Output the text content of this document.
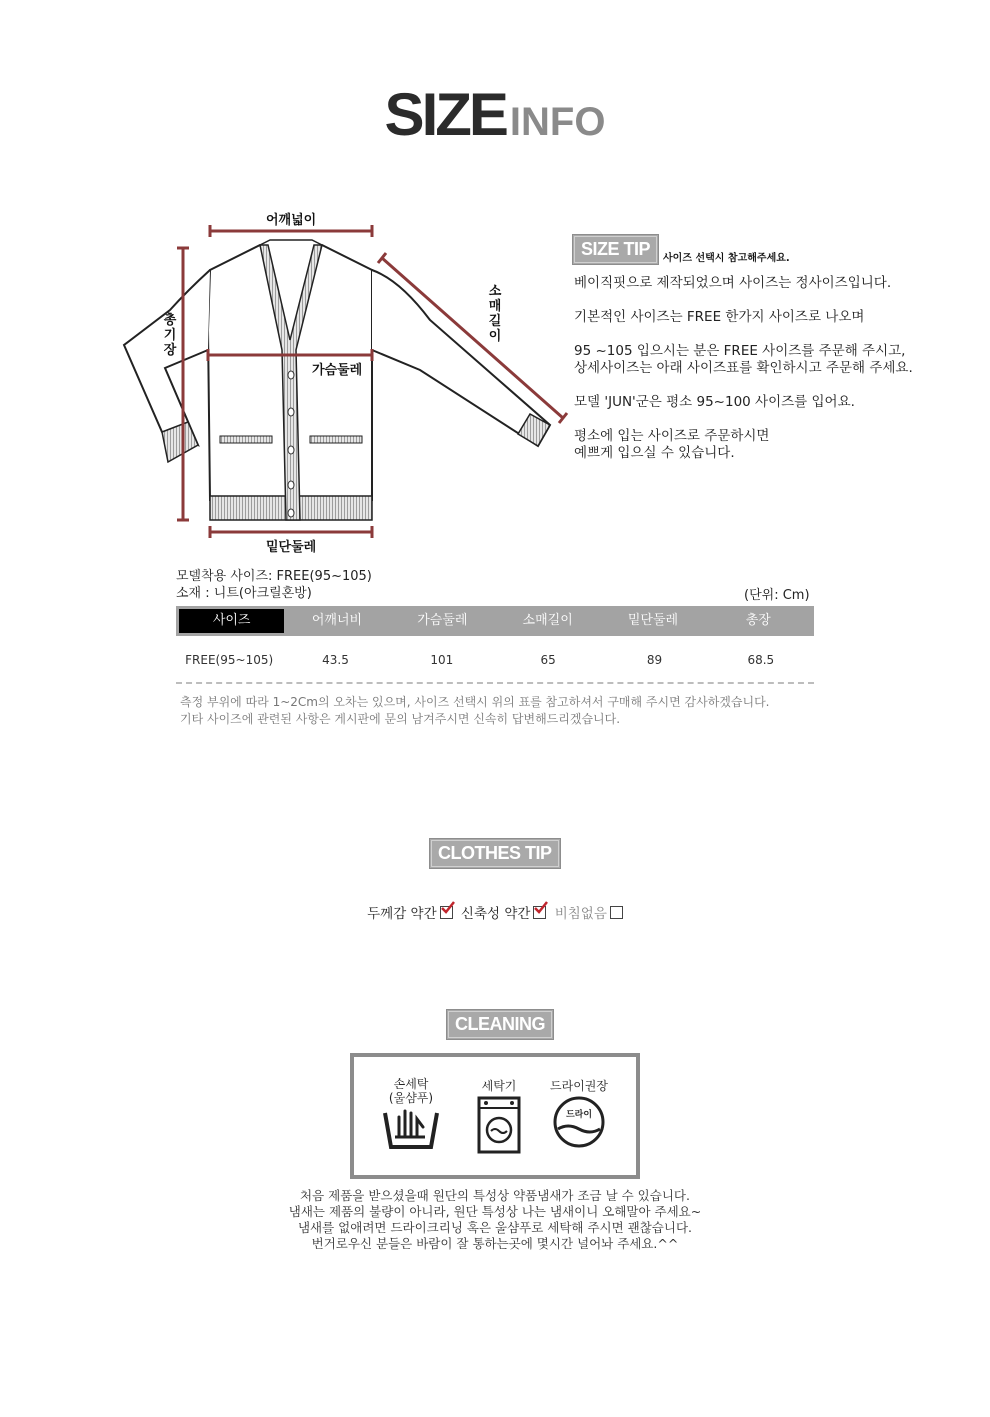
SIZE INFO
어깨넓이
가슴둘레
밑단둘레
총기장
소매길이
SIZE TIP	사이즈 선택시 참고해주세요.

베이직핏으로 제작되었으며 사이즈는 정사이즈입니다.

기본적인 사이즈는 FREE 한가지 사이즈로 나오며

95 ~105 입으시는 분은 FREE 사이즈를 주문해 주시고,
상세사이즈는 아래 사이즈표를 확인하시고 주문해 주세요.

모델 'JUN'군은 평소 95~100 사이즈를 입어요.

평소에 입는 사이즈로 주문하시면
예쁘게 입으실 수 있습니다.

모델착용 사이즈: FREE(95~105)
소재 : 니트(아크릴혼방)	(단위: Cm)
사이즈	어깨너비	가슴둘레	소매길이	밑단둘레	총장
FREE(95~105)	43.5	101	65	89	68.5
측정 부위에 따라 1~2Cm의 오차는 있으며, 사이즈 선택시 위의 표를 참고하셔서 구매해 주시면 감사하겠습니다.
기타 사이즈에 관련된 사항은 게시판에 문의 남겨주시면 신속히 답변해드리겠습니다.
CLOTHES TIP
두께감 약간 신축성 약간 비침없음
CLEANING
손세탁
(울샴푸)
세탁기	드라이권장
드라이
처음 제품을 받으셨을때 원단의 특성상 약품냄새가 조금 날 수 있습니다.
냄새는 제품의 불량이 아니라, 원단 특성상 나는 냄새이니 오해말아 주세요~
냄새를 없애려면 드라이크리닝 혹은 울샴푸로 세탁해 주시면 괜찮습니다.
번거로우신 분들은 바람이 잘 통하는곳에 몇시간 널어놔 주세요.^^
